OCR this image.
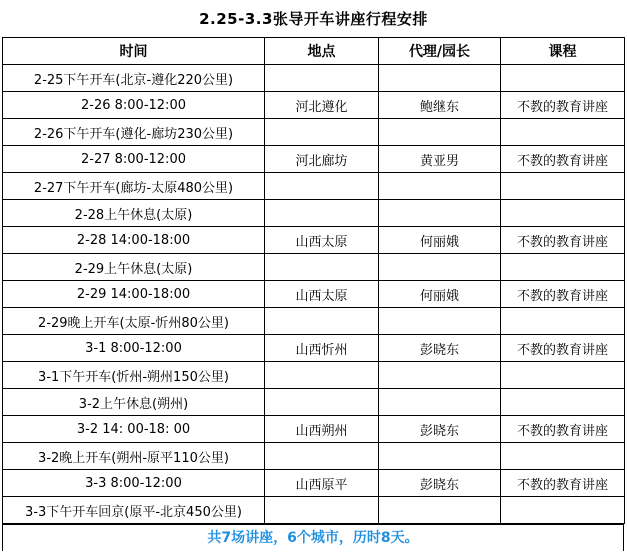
2.25-3.3张导开车讲座行程安排
时间	地点	代理/园长	课程
2-25下午开车(北京-遵化220公里)			
2-26 8:00-12:00	河北遵化	鲍继东	不教的教育讲座
2-26下午开车(遵化-廊坊230公里)			
2-27 8:00-12:00	河北廊坊	黄亚男	不教的教育讲座
2-27下午开车(廊坊-太原480公里)			
2-28上午休息(太原)			
2-28 14:00-18:00	山西太原	何丽娥	不教的教育讲座
2-29上午休息(太原)			
2-29 14:00-18:00	山西太原	何丽娥	不教的教育讲座
2-29晚上开车(太原-忻州80公里)			
3-1 8:00-12:00	山西忻州	彭晓东	不教的教育讲座
3-1下午开车(忻州-朔州150公里)			
3-2上午休息(朔州)			
3-2 14: 00-18: 00	山西朔州	彭晓东	不教的教育讲座
3-2晚上开车(朔州-原平110公里)			
3-3 8:00-12:00	山西原平	彭晓东	不教的教育讲座
3-3下午开车回京(原平-北京450公里)			
共7场讲座，6个城市，历时8天。
